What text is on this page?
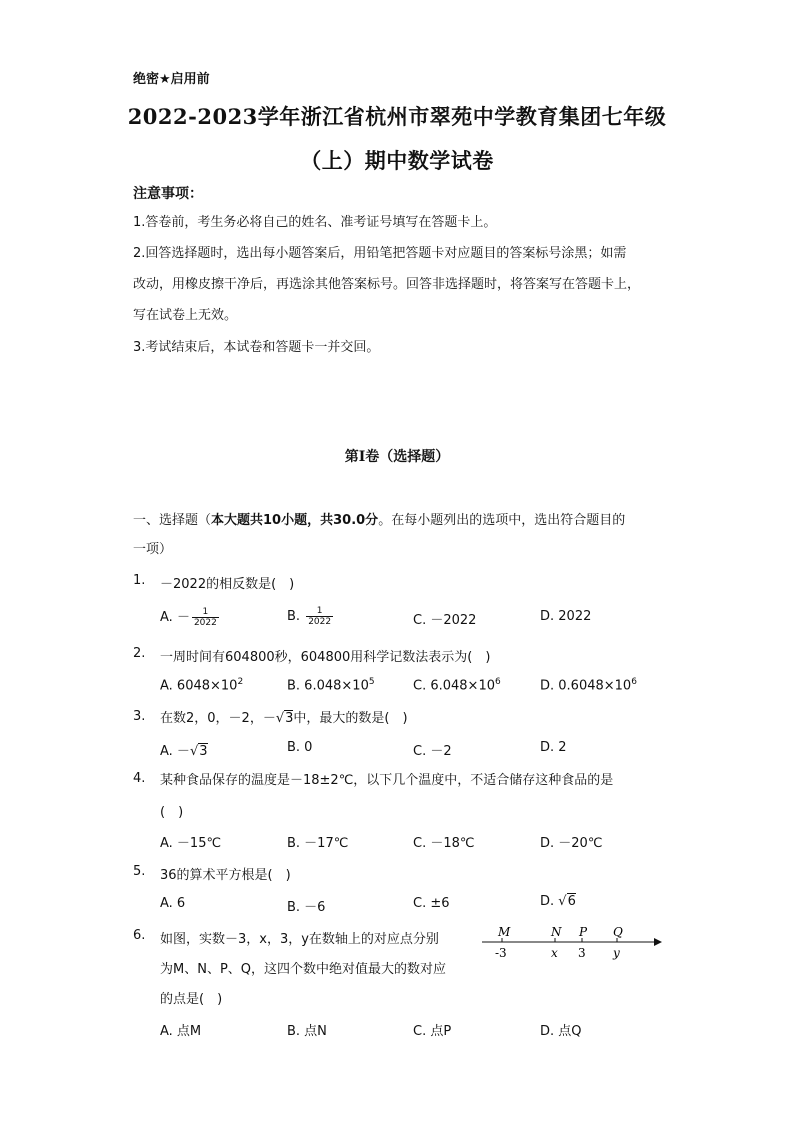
绝密★启用前
2022-2023学年浙江省杭州市翠苑中学教育集团七年级
（上）期中数学试卷
注意事项：
1.答卷前，考生务必将自己的姓名、准考证号填写在答题卡上。
2.回答选择题时，选出每小题答案后，用铅笔把答题卡对应题目的答案标号涂黑；如需
改动，用橡皮擦干净后，再选涂其他答案标号。回答非选择题时，将答案写在答题卡上，
写在试卷上无效。
3.考试结束后，本试卷和答题卡一并交回。
第I卷（选择题）
一、选择题（本大题共10小题，共30.0分。在每小题列出的选项中，选出符合题目的
一项）
1. －2022的相反数是(　)
A. － $\frac{1}{2022}$	B. $\frac{1}{2022}$	C. －2022	D. 2022
2. 一周时间有604800秒，604800用科学记数法表示为(　)
A. $6048\times 10^2$	B. $6.048\times 10^5$	C. $6.048\times 10^6$	D. $0.6048\times 10^6$
3. 在数2，0，－2，－√3中，最大的数是(　)
A. －√3	B. 0	C. －2	D. 2
4. 某种食品保存的温度是－18±2℃，以下几个温度中，不适合储存这种食品的是
(　)
A. －15℃	B. －17℃	C. －18℃	D. －20℃
5. 36的算术平方根是(　)
A. 6	B. －6	C. ±6	D. √6
6. 如图，实数－3，x，3，y在数轴上的对应点分别
为M、N、P、Q，这四个数中绝对值最大的数对应
的点是(　)
M	N P Q
-3	x 3 y
A. 点M	B. 点N	C. 点P	D. 点Q
